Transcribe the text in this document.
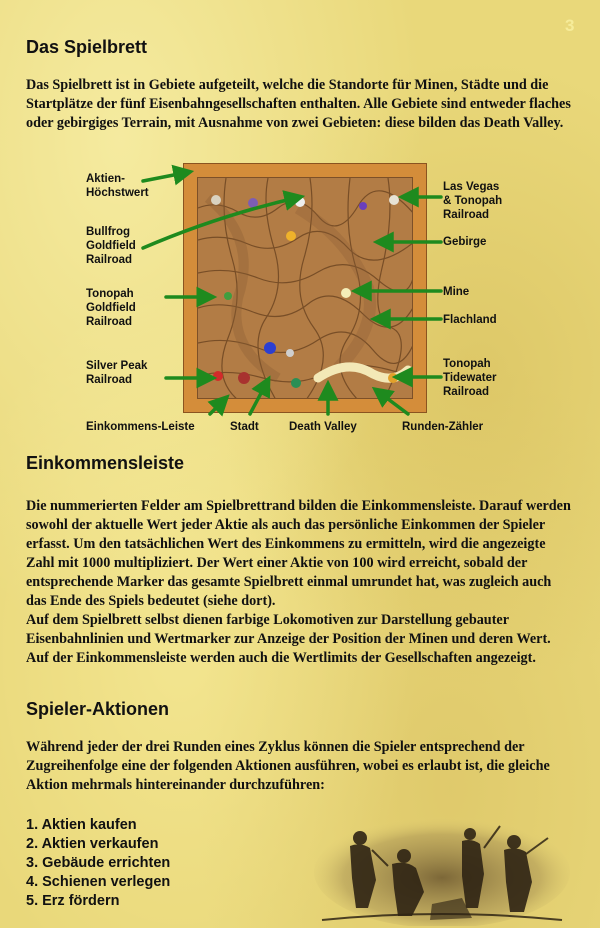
3
Das Spielbrett
Das Spielbrett ist in Gebiete aufgeteilt, welche die Standorte für Minen, Städte und die Startplätze der fünf Eisenbahngesellschaften enthalten. Alle Gebiete sind entweder flaches oder gebirgiges Terrain, mit Ausnahme von zwei Gebieten: diese bilden das Death Valley.
Aktien-
Höchstwert
Bullfrog
Goldfield
Railroad
Tonopah
Goldfield
Railroad
Silver Peak
Railroad
Las Vegas
& Tonopah
Railroad
Gebirge
Mine
Flachland
Tonopah
Tidewater
Railroad
Einkommens-Leiste	Stadt	Death Valley	Runden-Zähler
Einkommensleiste

Die nummerierten Felder am Spielbrettrand bilden die Einkommensleiste. Darauf werden sowohl der aktuelle Wert jeder Aktie als auch das persönliche Einkommen der Spieler erfasst. Um den tatsächlichen Wert des Einkommens zu ermitteln, wird die angezeigte Zahl mit 1000 multipliziert. Der Wert einer Aktie von 100 wird erreicht, sobald der entsprechende Marker das gesamte Spielbrett einmal umrundet hat, was zugleich auch das Ende des Spiels bedeutet (siehe dort).

Auf dem Spielbrett selbst dienen farbige Lokomotiven zur Darstellung gebauter Eisenbahnlinien und Wertmarker zur Anzeige der Position der Minen und deren Wert. Auf der Einkommensleiste werden auch die Wertlimits der Gesellschaften angezeigt.

Spieler-Aktionen
Während jeder der drei Runden eines Zyklus können die Spieler entsprechend der Zugreihenfolge eine der folgenden Aktionen ausführen, wobei es erlaubt ist, die gleiche Aktion mehrmals hintereinander durchzuführen:
1. Aktien kaufen
2. Aktien verkaufen
3. Gebäude errichten
4. Schienen verlegen
5. Erz fördern
